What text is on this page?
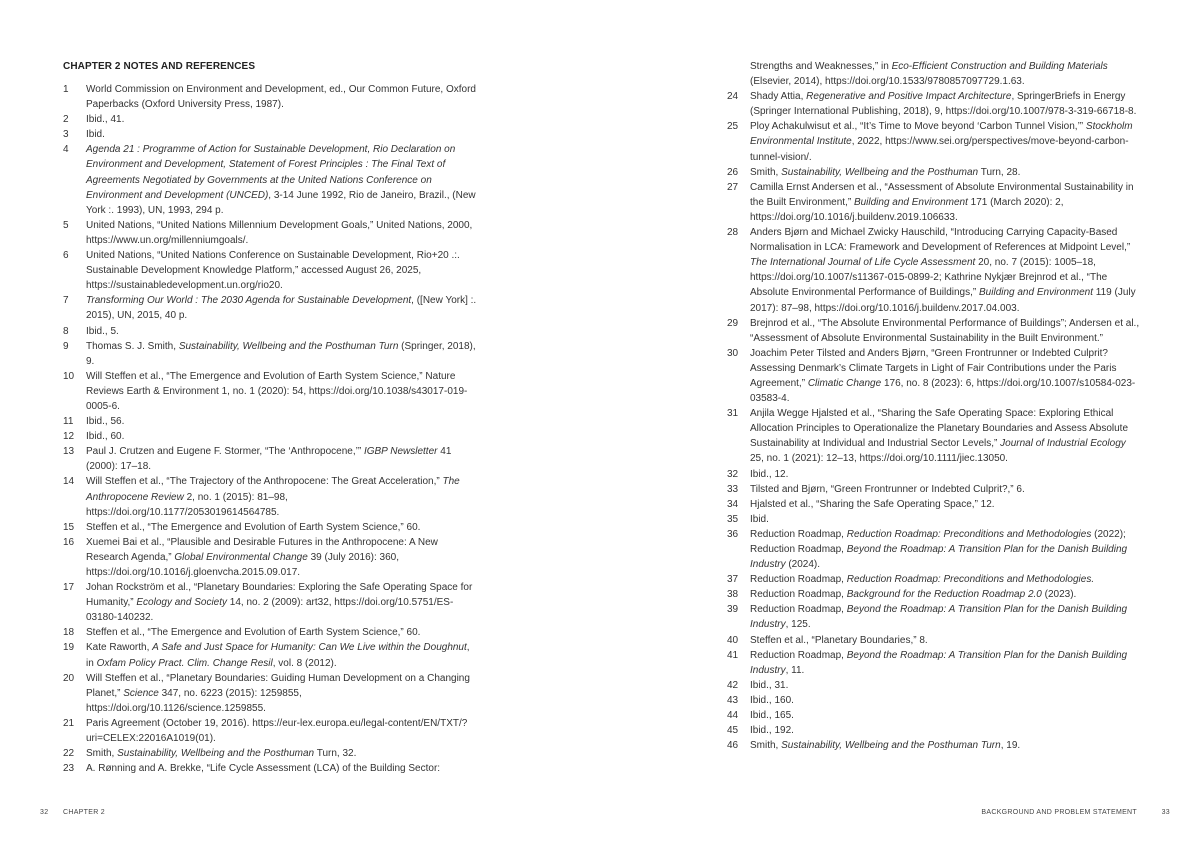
CHAPTER 2 NOTES AND REFERENCES
1	World Commission on Environment and Development, ed., Our Common Future, Oxford Paperbacks (Oxford University Press, 1987).
2	Ibid., 41.
3	Ibid.
4	Agenda 21 : Programme of Action for Sustainable Development, Rio Declaration on Environment and Development, Statement of Forest Principles : The Final Text of Agreements Negotiated by Governments at the United Nations Conference on Environment and Development (UNCED), 3-14 June 1992, Rio de Janeiro, Brazil., (New York :. 1993), UN, 1993, 294 p.
5	United Nations, “United Nations Millennium Development Goals,” United Nations, 2000, https://www.un.org/millenniumgoals/.
6	United Nations, “United Nations Conference on Sustainable Development, Rio+20 .:. Sustainable Development Knowledge Platform,” accessed August 26, 2025, https://sustainabledevelopment.un.org/rio20.
7	Transforming Our World : The 2030 Agenda for Sustainable Development, ([New York] :. 2015), UN, 2015, 40 p.
8	Ibid., 5.
9	Thomas S. J. Smith, Sustainability, Wellbeing and the Posthuman Turn (Springer, 2018), 9.
10	Will Steffen et al., “The Emergence and Evolution of Earth System Science,” Nature Reviews Earth & Environment 1, no. 1 (2020): 54, https://doi.org/10.1038/s43017-019-0005-6.
11	Ibid., 56.
12	Ibid., 60.
13	Paul J. Crutzen and Eugene F. Stormer, “The ‘Anthropocene,’” IGBP Newsletter 41 (2000): 17–18.
14	Will Steffen et al., “The Trajectory of the Anthropocene: The Great Acceleration,” The Anthropocene Review 2, no. 1 (2015): 81–98, https://doi.org/10.1177/2053019614564785.
15	Steffen et al., “The Emergence and Evolution of Earth System Science,” 60.
16	Xuemei Bai et al., “Plausible and Desirable Futures in the Anthropocene: A New Research Agenda,” Global Environmental Change 39 (July 2016): 360, https://doi.org/10.1016/j.gloenvcha.2015.09.017.
17	Johan Rockström et al., “Planetary Boundaries: Exploring the Safe Operating Space for Humanity,” Ecology and Society 14, no. 2 (2009): art32, https://doi.org/10.5751/ES-03180-140232.
18	Steffen et al., “The Emergence and Evolution of Earth System Science,” 60.
19	Kate Raworth, A Safe and Just Space for Humanity: Can We Live within the Doughnut, in Oxfam Policy Pract. Clim. Change Resil, vol. 8 (2012).
20	Will Steffen et al., “Planetary Boundaries: Guiding Human Development on a Changing Planet,” Science 347, no. 6223 (2015): 1259855, https://doi.org/10.1126/science.1259855.
21	Paris Agreement (October 19, 2016). https://eur-lex.europa.eu/legal-content/EN/TXT/?uri=CELEX:22016A1019(01).
22	Smith, Sustainability, Wellbeing and the Posthuman Turn, 32.
23	A. Rønning and A. Brekke, “Life Cycle Assessment (LCA) of the Building Sector:
32 CHAPTER 2
Strengths and Weaknesses,” in Eco-Efficient Construction and Building Materials (Elsevier, 2014), https://doi.org/10.1533/9780857097729.1.63.
24	Shady Attia, Regenerative and Positive Impact Architecture, SpringerBriefs in Energy (Springer International Publishing, 2018), 9, https://doi.org/10.1007/978-3-319-66718-8.
25	Ploy Achakulwisut et al., “It’s Time to Move beyond ‘Carbon Tunnel Vision,’” Stockholm Environmental Institute, 2022, https://www.sei.org/perspectives/move-beyond-carbon-tunnel-vision/.
26	Smith, Sustainability, Wellbeing and the Posthuman Turn, 28.
27	Camilla Ernst Andersen et al., “Assessment of Absolute Environmental Sustainability in the Built Environment,” Building and Environment 171 (March 2020): 2, https://doi.org/10.1016/j.buildenv.2019.106633.
28	Anders Bjørn and Michael Zwicky Hauschild, “Introducing Carrying Capacity-Based Normalisation in LCA: Framework and Development of References at Midpoint Level,” The International Journal of Life Cycle Assessment 20, no. 7 (2015): 1005–18, https://doi.org/10.1007/s11367-015-0899-2; Kathrine Nykjær Brejnrod et al., “The Absolute Environmental Performance of Buildings,” Building and Environment 119 (July 2017): 87–98, https://doi.org/10.1016/j.buildenv.2017.04.003.
29	Brejnrod et al., “The Absolute Environmental Performance of Buildings”; Andersen et al., “Assessment of Absolute Environmental Sustainability in the Built Environment.”
30	Joachim Peter Tilsted and Anders Bjørn, “Green Frontrunner or Indebted Culprit? Assessing Denmark’s Climate Targets in Light of Fair Contributions under the Paris Agreement,” Climatic Change 176, no. 8 (2023): 6, https://doi.org/10.1007/s10584-023-03583-4.
31	Anjila Wegge Hjalsted et al., “Sharing the Safe Operating Space: Exploring Ethical Allocation Principles to Operationalize the Planetary Boundaries and Assess Absolute Sustainability at Individual and Industrial Sector Levels,” Journal of Industrial Ecology 25, no. 1 (2021): 12–13, https://doi.org/10.1111/jiec.13050.
32	Ibid., 12.
33	Tilsted and Bjørn, “Green Frontrunner or Indebted Culprit?,” 6.
34	Hjalsted et al., “Sharing the Safe Operating Space,” 12.
35	Ibid.
36	Reduction Roadmap, Reduction Roadmap: Preconditions and Methodologies (2022); Reduction Roadmap, Beyond the Roadmap: A Transition Plan for the Danish Building Industry (2024).
37	Reduction Roadmap, Reduction Roadmap: Preconditions and Methodologies.
38	Reduction Roadmap, Background for the Reduction Roadmap 2.0 (2023).
39	Reduction Roadmap, Beyond the Roadmap: A Transition Plan for the Danish Building Industry, 125.
40	Steffen et al., “Planetary Boundaries,” 8.
41	Reduction Roadmap, Beyond the Roadmap: A Transition Plan for the Danish Building Industry, 11.
42	Ibid., 31.
43	Ibid., 160.
44	Ibid., 165.
45	Ibid., 192.
46	Smith, Sustainability, Wellbeing and the Posthuman Turn, 19.
BACKGROUND AND PROBLEM STATEMENT	33
